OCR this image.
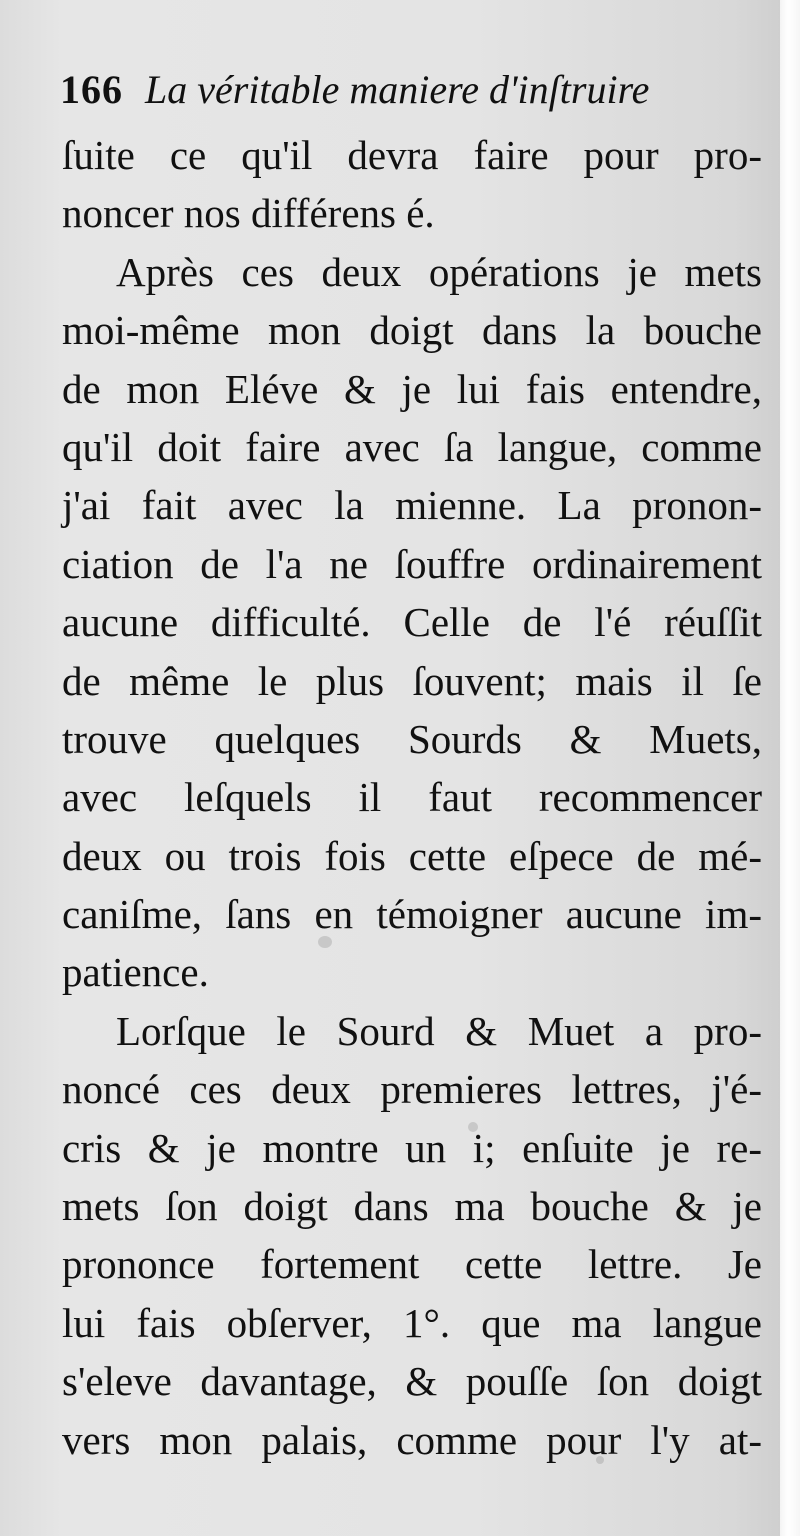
166 La véritable maniere d'inſtruire
ſuite ce qu'il devra faire pour pro-
noncer nos différens é.
Après ces deux opérations je mets
moi-même mon doigt dans la bouche
de mon Eléve & je lui fais entendre,
qu'il doit faire avec ſa langue, comme
j'ai fait avec la mienne. La pronon-
ciation de l'a ne ſouffre ordinairement
aucune difficulté. Celle de l'é réuſſit
de même le plus ſouvent; mais il ſe
trouve quelques Sourds & Muets,
avec leſquels il faut recommencer
deux ou trois fois cette eſpece de mé-
caniſme, ſans en témoigner aucune im-
patience.
Lorſque le Sourd & Muet a pro-
noncé ces deux premieres lettres, j'é-
cris & je montre un i; enſuite je re-
mets ſon doigt dans ma bouche & je
prononce fortement cette lettre. Je
lui fais obſerver, 1°. que ma langue
s'eleve davantage, & pouſſe ſon doigt
vers mon palais, comme pour l'y at-
